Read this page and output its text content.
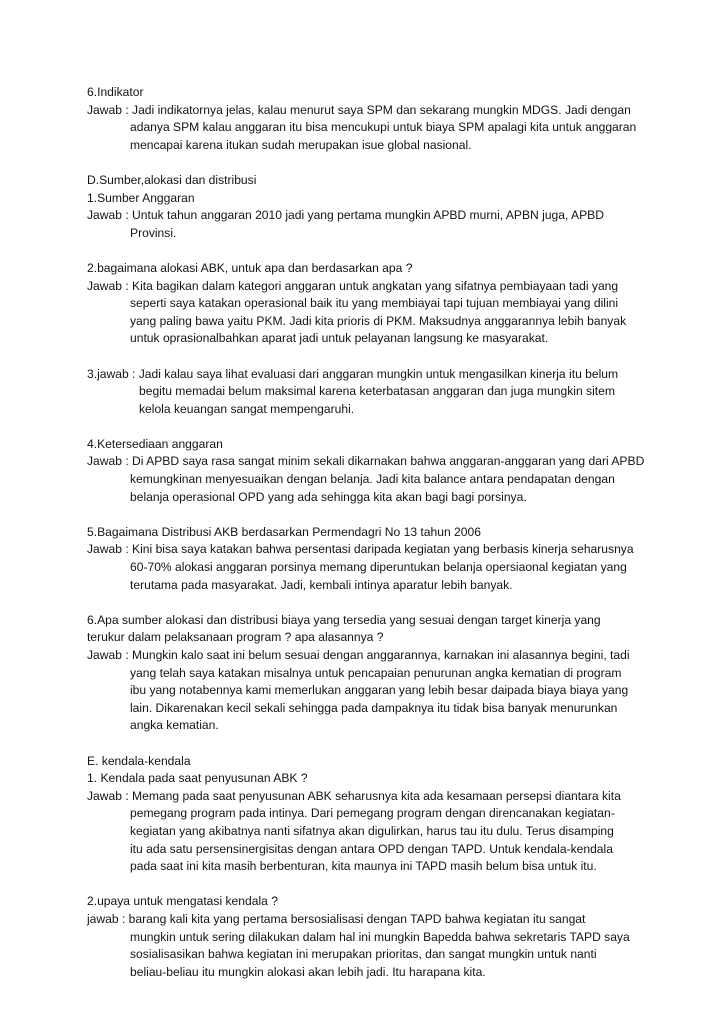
6.Indikator
Jawab : Jadi indikatornya jelas, kalau menurut saya SPM dan sekarang mungkin MDGS. Jadi dengan
adanya SPM kalau anggaran itu bisa mencukupi untuk biaya SPM apalagi kita untuk anggaran
mencapai karena itukan sudah merupakan isue global nasional.
D.Sumber,alokasi dan distribusi
1.Sumber Anggaran
Jawab : Untuk tahun anggaran 2010 jadi yang pertama mungkin APBD murni, APBN juga, APBD
Provinsi.
2.bagaimana alokasi ABK, untuk apa dan berdasarkan apa ?
Jawab : Kita bagikan dalam kategori anggaran untuk angkatan yang sifatnya pembiayaan tadi yang
seperti saya katakan operasional baik itu yang membiayai tapi tujuan membiayai yang dilini
yang paling bawa yaitu PKM. Jadi kita prioris di PKM. Maksudnya anggarannya lebih banyak
untuk oprasionalbahkan aparat jadi untuk pelayanan langsung ke masyarakat.
3.jawab : Jadi kalau saya lihat evaluasi dari anggaran mungkin untuk mengasilkan kinerja itu belum
begitu memadai belum maksimal karena keterbatasan anggaran dan juga mungkin sitem
kelola keuangan sangat mempengaruhi.
4.Ketersediaan anggaran
Jawab : Di APBD saya rasa sangat minim sekali dikarnakan bahwa anggaran-anggaran yang dari APBD
kemungkinan menyesuaikan dengan belanja. Jadi kita balance antara pendapatan dengan
belanja operasional OPD yang ada sehingga kita akan bagi bagi porsinya.
5.Bagaimana Distribusi AKB berdasarkan Permendagri No 13 tahun 2006
Jawab : Kini bisa saya katakan bahwa persentasi daripada kegiatan yang berbasis kinerja seharusnya
60-70% alokasi anggaran porsinya memang diperuntukan belanja opersiaonal kegiatan yang
terutama pada masyarakat. Jadi, kembali intinya aparatur lebih banyak.
6.Apa sumber alokasi dan distribusi biaya yang tersedia yang sesuai dengan target kinerja yang
terukur dalam pelaksanaan program ? apa alasannya ?
Jawab : Mungkin kalo saat ini belum sesuai dengan anggarannya, karnakan ini alasannya begini, tadi
yang telah saya katakan misalnya untuk pencapaian penurunan angka kematian di program
ibu yang notabennya kami memerlukan anggaran yang lebih besar daipada biaya biaya yang
lain. Dikarenakan kecil sekali sehingga pada dampaknya itu tidak bisa banyak menurunkan
angka kematian.
E. kendala-kendala
1. Kendala pada saat penyusunan ABK ?
Jawab : Memang pada saat penyusunan ABK seharusnya kita ada kesamaan persepsi diantara kita
pemegang program pada intinya. Dari pemegang program dengan direncanakan kegiatan-
kegiatan yang akibatnya nanti sifatnya akan digulirkan, harus tau itu dulu. Terus disamping
itu ada satu persensinergisitas dengan antara OPD dengan TAPD. Untuk kendala-kendala
pada saat ini kita masih berbenturan, kita maunya ini TAPD masih belum bisa untuk itu.
2.upaya untuk mengatasi kendala ?
jawab : barang kali kita yang pertama bersosialisasi dengan TAPD bahwa kegiatan itu sangat
mungkin untuk sering dilakukan dalam hal ini mungkin Bapedda bahwa sekretaris TAPD saya
sosialisasikan bahwa kegiatan ini merupakan prioritas, dan sangat mungkin untuk nanti
beliau-beliau itu mungkin alokasi akan lebih jadi. Itu harapana kita.
